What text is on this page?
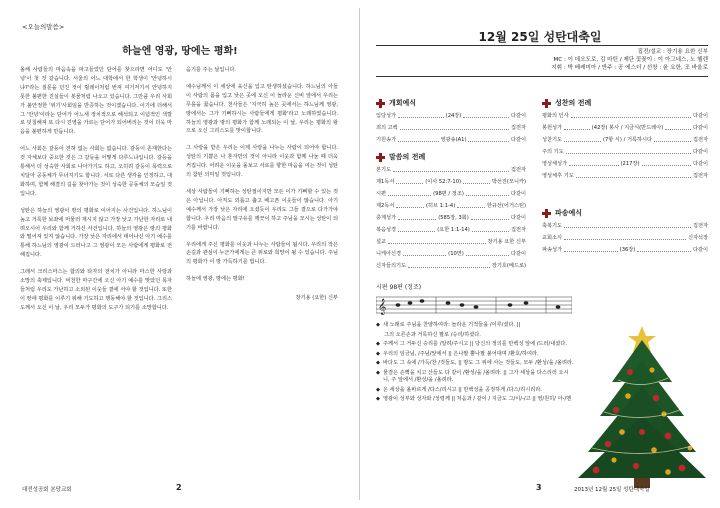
<오늘의말씀>
하늘엔 영광, 땅에는 평화!

올해 사람들의 마음속을 파고들었던 단어를 찾으라면 어디도 '안녕'이 첫 것 같습니다. 서울의 어느 대학에서 한 학생이 '안녕하시냐?'라는 질문을 던진 것이 릴레이처럼 번져 여기저기서 안녕하지 못한 불편한 진실들이 봇물처럼 나오고 있습니다. 그만큼 우리 사회가 불안정한 '위기'사회임을 반증하는 것이겠습니다. 이기에 더해서 그 '안녕'이라는 단어가 어느새 정치적으로 해석되고 이념적인 색깔로 덧칠해져 또 다시 진영을 가르는 단어가 되어버리는 것이 더욱 마음을 불편하게 만듭니다.

어느 사회든 갈등이 전혀 없는 사회는 없습니다. 갈등이 존재한다는 것 자체보다 중요한 것은 그 갈등을 어떻게 다루느냐입니다. 갈등을 통해서 더 성숙한 사회로 나아가기도 하고, 오히려 갈등이 폭력으로 치달아 공동체가 무너지기도 합니다. 서로 다른 생각을 인정하고, 대화하며, 함께 해결의 길을 찾아가는 것이 성숙한 공동체의 모습일 것입니다.

성탄은 하늘의 영광이 땅의 평화로 이어지는 사건입니다. 하느님이 높고 거룩한 보좌에 머물러 계시지 않고 가장 낮고 가난한 자리로 내려오시어 우리와 함께 거하신 사건입니다. 하늘의 영광은 땅의 평화와 떨어져 있지 않습니다. 가장 낮은 자리에서 태어나신 아기 예수를 통해 하느님의 영광이 드러나고 그 영광이 모든 사람에게 평화로 전해집니다.

그래서 크리스마스는 합의와 타자의 전치가 아니라 마스한 사랑과 소망의 축제입니다. 비천한 마구간에 오신 아기 예수를 맞았던 목자들처럼 우리도 가난하고 소외된 이웃들 곁에 서야 할 것입니다. 또한 이 땅에 평화를 이루기 위해 기도하고 행동해야 할 것입니다. 그리스도께서 오신 이 날, 우리 모두가 평화의 도구가 되기를 소망합니다.

음기를 주는 날입니다.

예수님께서 이 세상에 육신을 입고 탄생하셨습니다. 하느님의 아들이 사람의 몸을 입고 낮은 곳에 오신 이 놀라운 신비 앞에서 우리는 무릎을 꿇습니다. 천사들은 '지극히 높은 곳에서는 하느님께 영광, 땅에서는 그가 기뻐하시는 사람들에게 평화'라고 노래하였습니다. 하늘의 영광과 땅의 평화가 함께 노래되는 이 날, 우리는 평화의 왕으로 오신 그리스도를 맞이합니다.

그 사랑을 받은 우리는 이제 사랑을 나누는 사람이 되어야 합니다. 성탄의 기쁨은 나 혼자만의 것이 아니라 이웃과 함께 나눌 때 더욱 커집니다. 어려운 이웃을 돌보고 서로를 향한 마음을 여는 것이 성탄의 참된 의미일 것입니다.

세상 사람들이 기뻐하는 성탄절이지만 모든 이가 기뻐할 수 있는 것은 아닙니다. 아직도 외롭고 춥고 배고픈 이웃들이 많습니다. 아기 예수께서 가장 낮은 자리에 오셨듯이 우리도 그들 곁으로 다가가야 합니다. 우리 마음의 말구유를 깨끗이 하고 주님을 모시는 성탄이 되기를 바랍니다.

우리에게 주신 평화를 이웃과 나누는 사람들이 됩시다. 우리의 작은 손길과 관심이 누군가에게는 큰 위로와 희망이 될 수 있습니다. 주님의 평화가 이 땅 가득하기를 빕니다.

하늘에 영광, 땅에는 평화!

장기용 (요한) 신부
대전성공회 본당교회	2
12월 25일 성탄대축일
집전/설교 : 장기용 요한 신부
MC : 이 데오도로, 김 마틴 / 제단 꽃꽂이 : 이 아그네스, 노 헬렌
지휘 : 박 베레미아 / 반주 : 공 에스더 / 선창 : 윤 요한, 조 바울로
개회예식
입당성가	(24장)	다같이
죄의 고백	집전자
기원송가	영광송(A1)	다같이
말씀의 전례
본기도	집전자
제1독서	(이사 52:7-10)	박선진(모니카)
시편	(98편 / 정조)	다같이
제2독서	(히브 1:1-4)	한규선(어거스틴)
층계성가	(585장, 3회)	다같이
복음성경	(요한 1:1-14)	집전자
설교	장기용 요한 신부
니케아신경	(10면)	다같이
신자들의기도	장기호(베드로)
성찬의 전례
평화의 인사	다같이
봉헌성가	(42장) 봉사 / 지금식(반드레아)	다같이
성찬기도	(7항 식) / 거룩하시다	집전자
주의 기도	다같이
영성체성가	(217장)	다같이
영성체후 기도	집전자
파송예식
축복기도	집전자
교회소식	신자석장
파송성가	(36장)	다같이
시편 98편 (정조)
𝄞
◆ 새 노래로 주님을 찬양하여라: 놀라운 기적들을 /이루/셨다. ||
그의 오른손과 거룩하신 팔로 /승리/하셨다.
◆ 주께서 그 거두신 승리를 /알려/주시고 || 당신의 정의를 만백성 앞에 /드러/내셨다.
◆ 우리의 임금님, /주님/앞에서 || 은나팔 뿔나팔 불어대며 /환호/하여라.
◆ 바다도 그 속에 /가득/찬 /것들도, || 땅도 그 위에 사는 것들도, 모두 /환성/을 /올려라.
◆ 물결은 손뼉을 치고 산들도 다 같이 /환성/을 /올려라. || 그가 세상을 다스리러 오시니, 주 앞에서 /환성/을 /올려라.
◆ 온 세상을 올바르게 /다스/리시고 || 만백성을 공정하게 /다스/리시리라.
◆ 영광이 성부와 성자와 /성령께 || 처음과 / 같이 / 지금도 그/이/-/고 || 영/원히/ 아-/멘
2013년 12월 25일 성탄대축일
3
